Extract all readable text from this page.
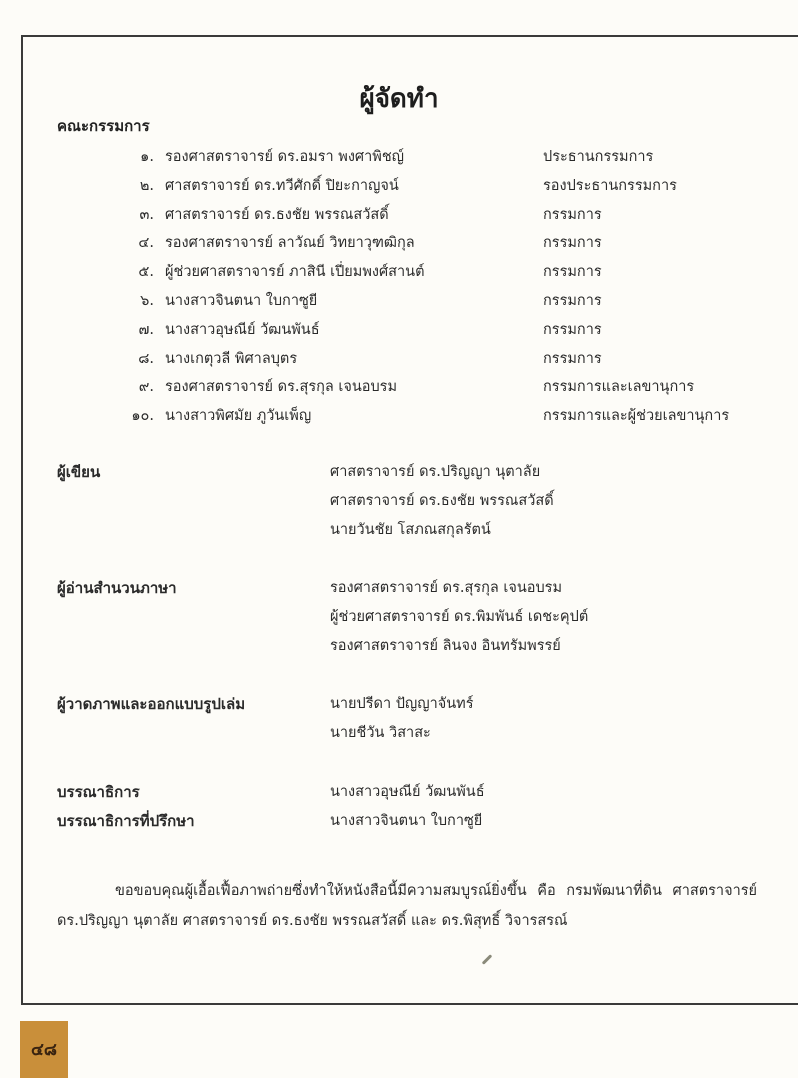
ผู้จัดทำ
คณะกรรมการ
๑. รองศาสตราจารย์ ดร.อมรา พงศาพิชญ์	ประธานกรรมการ
๒. ศาสตราจารย์ ดร.ทวีศักดิ์ ปิยะกาญจน์	รองประธานกรรมการ
๓. ศาสตราจารย์ ดร.ธงชัย พรรณสวัสดิ์	กรรมการ
๔. รองศาสตราจารย์ ลาวัณย์ วิทยาวุฑฒิกุล	กรรมการ
๕. ผู้ช่วยศาสตราจารย์ ภาสินี เปี่ยมพงศ์สานต์	กรรมการ
๖. นางสาวจินตนา ใบกาซูยี	กรรมการ
๗. นางสาวอุษณีย์ วัฒนพันธ์	กรรมการ
๘. นางเกตุวลี พิศาลบุตร	กรรมการ
๙. รองศาสตราจารย์ ดร.สุรกุล เจนอบรม	กรรมการและเลขานุการ
๑๐. นางสาวพิศมัย ภูวันเพ็ญ	กรรมการและผู้ช่วยเลขานุการ
ผู้เขียน	ศาสตราจารย์ ดร.ปริญญา นุตาลัย
ศาสตราจารย์ ดร.ธงชัย พรรณสวัสดิ์
นายวันชัย โสภณสกุลรัตน์
ผู้อ่านสำนวนภาษา	รองศาสตราจารย์ ดร.สุรกุล เจนอบรม
ผู้ช่วยศาสตราจารย์ ดร.พิมพันธ์ เดชะคุปต์
รองศาสตราจารย์ ลินจง อินทรัมพรรย์
ผู้วาดภาพและออกแบบรูปเล่ม	นายปรีดา ปัญญาจันทร์
นายชีวัน วิสาสะ
บรรณาธิการ	นางสาวอุษณีย์ วัฒนพันธ์
บรรณาธิการที่ปรึกษา	นางสาวจินตนา ใบกาซูยี
ขอขอบคุณผู้เอื้อเฟื้อภาพถ่ายซึ่งทำให้หนังสือนี้มีความสมบูรณ์ยิ่งขึ้น คือ กรมพัฒนาที่ดิน ศาสตราจารย์ ดร.ปริญญา นุตาลัย ศาสตราจารย์ ดร.ธงชัย พรรณสวัสดิ์ และ ดร.พิสุทธิ์ วิจารสรณ์
๔๘
